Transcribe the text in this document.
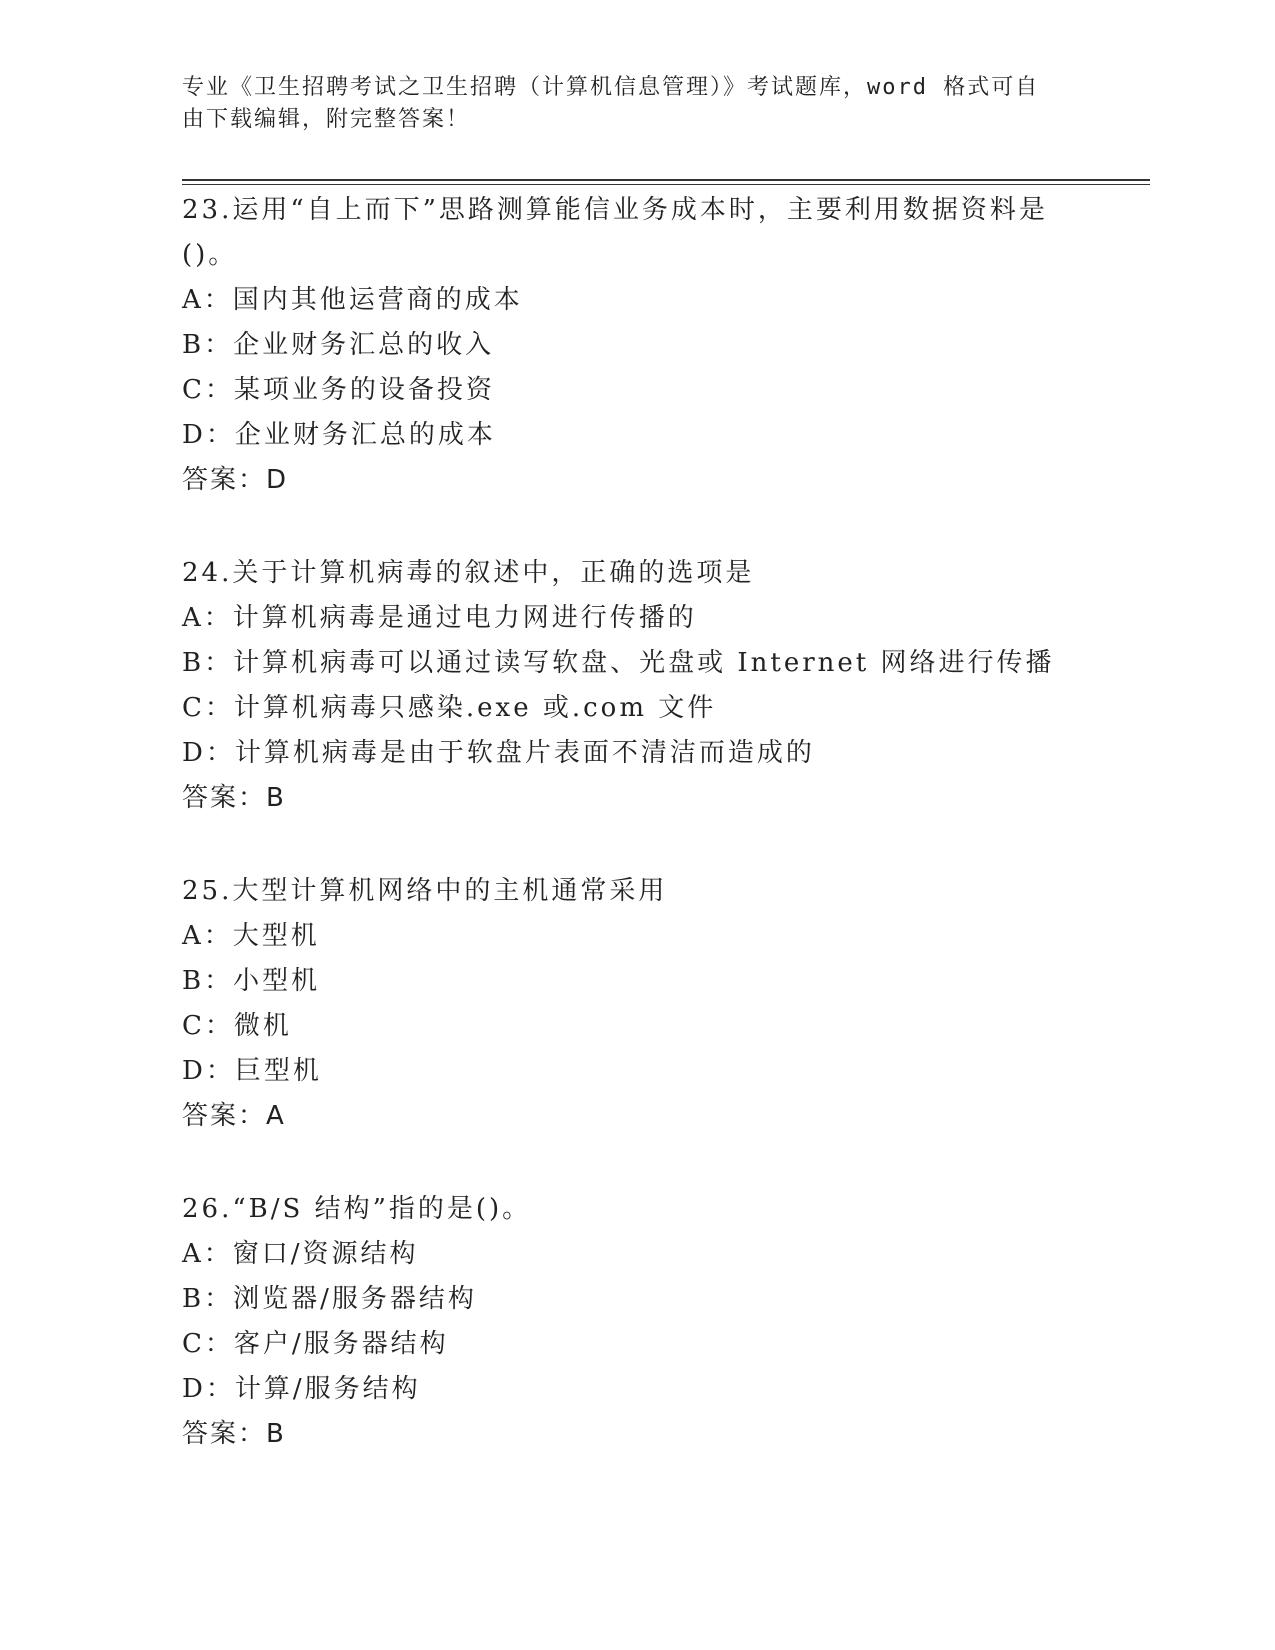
专业《卫生招聘考试之卫生招聘（计算机信息管理）》考试题库，word 格式可自
由下载编辑，附完整答案！

23.运用“自上而下”思路测算能信业务成本时，主要利用数据资料是

()。

A：国内其他运营商的成本

B：企业财务汇总的收入

C：某项业务的设备投资

D：企业财务汇总的成本

答案：D

24.关于计算机病毒的叙述中，正确的选项是

A：计算机病毒是通过电力网进行传播的

B：计算机病毒可以通过读写软盘、光盘或 Internet 网络进行传播

C：计算机病毒只感染.exe 或.com 文件

D：计算机病毒是由于软盘片表面不清洁而造成的

答案：B

25.大型计算机网络中的主机通常采用

A：大型机

B：小型机

C：微机

D：巨型机

答案：A

26.“B/S 结构”指的是()。

A：窗口/资源结构

B：浏览器/服务器结构

C：客户/服务器结构

D：计算/服务结构

答案：B
